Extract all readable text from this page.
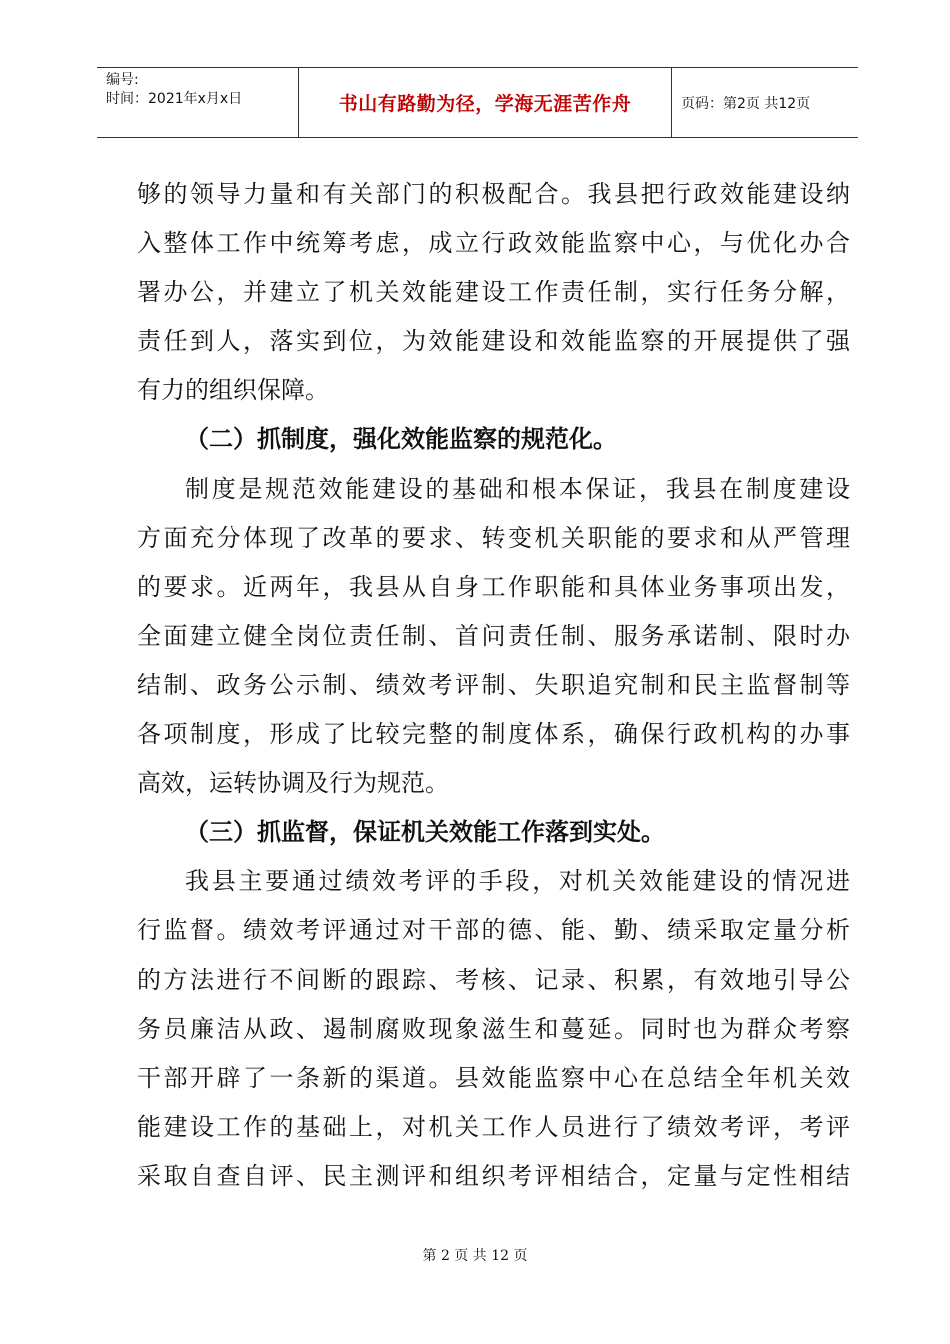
编号:
时间：2021年x月x日	书山有路勤为径，学海无涯苦作舟	页码：第2页 共12页
够的领导力量和有关部门的积极配合。我县把行政效能建设纳
入整体工作中统筹考虑，成立行政效能监察中心，与优化办合
署办公，并建立了机关效能建设工作责任制，实行任务分解，
责任到人，落实到位，为效能建设和效能监察的开展提供了强
有力的组织保障。
（二）抓制度，强化效能监察的规范化。
制度是规范效能建设的基础和根本保证，我县在制度建设
方面充分体现了改革的要求、转变机关职能的要求和从严管理
的要求。近两年，我县从自身工作职能和具体业务事项出发，
全面建立健全岗位责任制、首问责任制、服务承诺制、限时办
结制、政务公示制、绩效考评制、失职追究制和民主监督制等
各项制度，形成了比较完整的制度体系，确保行政机构的办事
高效，运转协调及行为规范。
（三）抓监督，保证机关效能工作落到实处。
我县主要通过绩效考评的手段，对机关效能建设的情况进
行监督。绩效考评通过对干部的德、能、勤、绩采取定量分析
的方法进行不间断的跟踪、考核、记录、积累，有效地引导公
务员廉洁从政、遏制腐败现象滋生和蔓延。同时也为群众考察
干部开辟了一条新的渠道。县效能监察中心在总结全年机关效
能建设工作的基础上，对机关工作人员进行了绩效考评，考评
采取自查自评、民主测评和组织考评相结合，定量与定性相结
第 2 页 共 12 页
